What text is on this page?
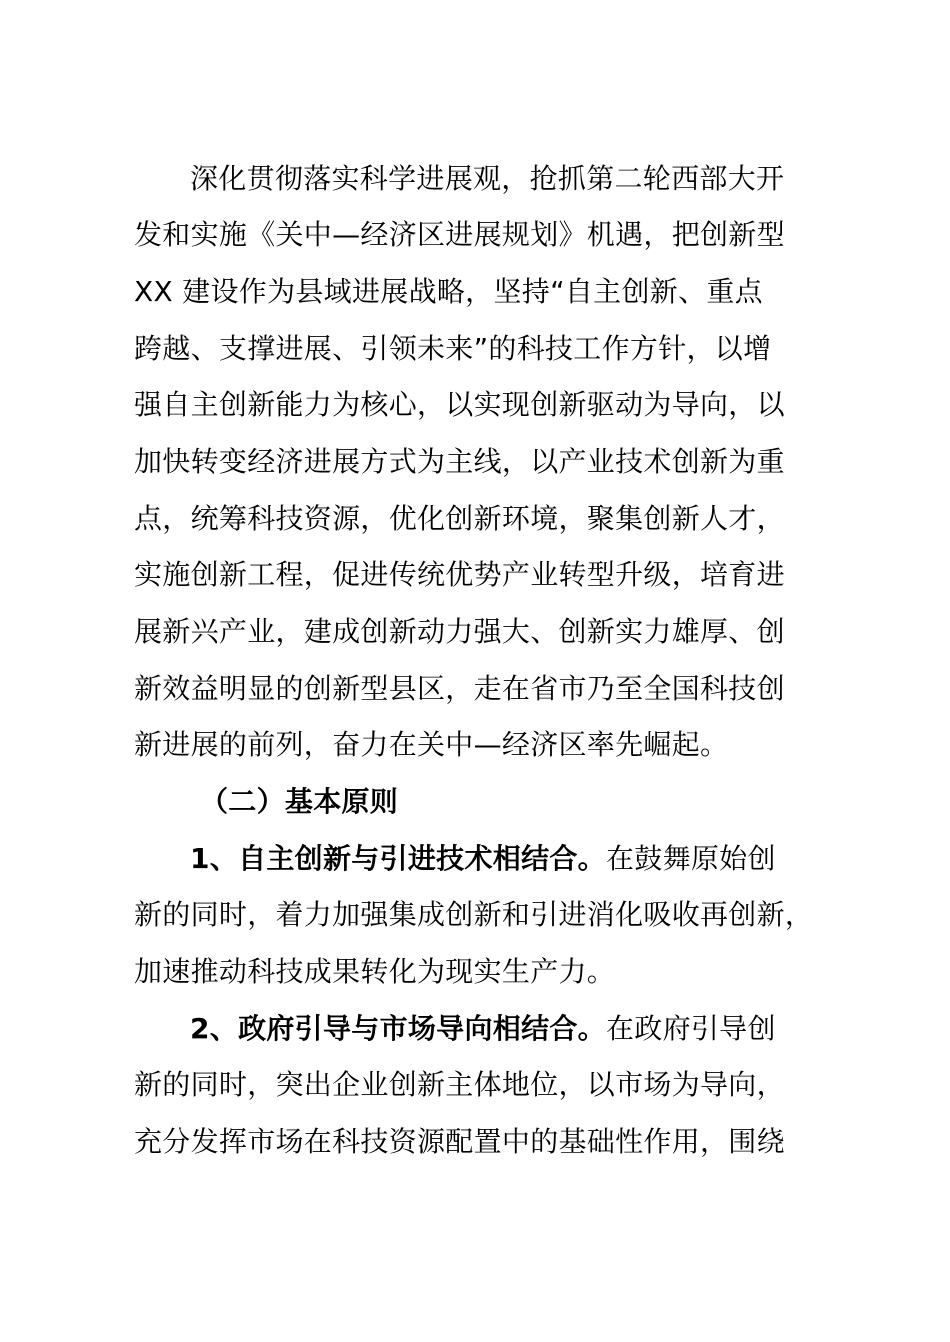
深化贯彻落实科学进展观，抢抓第二轮西部大开
发和实施《关中—经济区进展规划》机遇，把创新型
XX 建设作为县域进展战略，坚持“自主创新、重点
跨越、支撑进展、引领未来”的科技工作方针，以增
强自主创新能力为核心，以实现创新驱动为导向，以
加快转变经济进展方式为主线，以产业技术创新为重
点，统筹科技资源，优化创新环境，聚集创新人才，
实施创新工程，促进传统优势产业转型升级，培育进
展新兴产业，建成创新动力强大、创新实力雄厚、创
新效益明显的创新型县区，走在省市乃至全国科技创
新进展的前列，奋力在关中—经济区率先崛起。
（二）基本原则
1、自主创新与引进技术相结合。在鼓舞原始创
新的同时，着力加强集成创新和引进消化吸收再创新，
加速推动科技成果转化为现实生产力。
2、政府引导与市场导向相结合。在政府引导创
新的同时，突出企业创新主体地位，以市场为导向，
充分发挥市场在科技资源配置中的基础性作用，围绕
